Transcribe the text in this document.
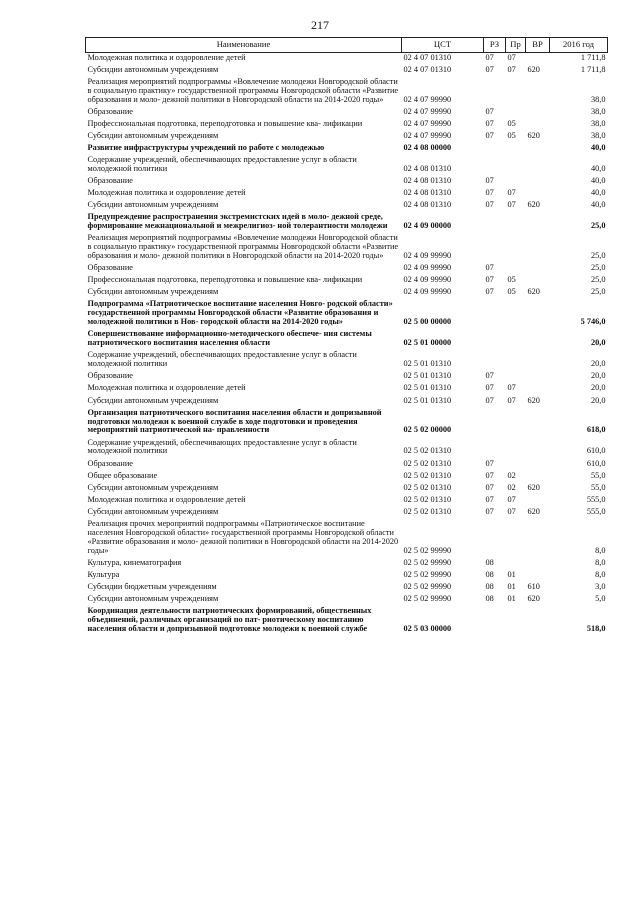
217
Наименование	ЦСТ	РЗ	Пр	ВР	2016 год
Молодежная политика и оздоровление детей	02 4 07 01310	07	07		1 711,8
Субсидии автономным учреждениям	02 4 07 01310	07	07	620	1 711,8
Реализация мероприятий подпрограммы «Вовлечение молодежи Новгородской области в социальную практику» государственной программы Новгородской области «Развитие образования и моло- дежной политики в Новгородской области на 2014-2020 годы»	02 4 07 99990				38,0
Образование	02 4 07 99990	07			38,0
Профессиональная подготовка, переподготовка и повышение ква- лификации	02 4 07 99990	07	05		38,0
Субсидии автономным учреждениям	02 4 07 99990	07	05	620	38,0
Развитие инфраструктуры учреждений по работе с молодежью	02 4 08 00000				40,0
Содержание учреждений, обеспечивающих предоставление услуг в области молодежной политики	02 4 08 01310				40,0
Образование	02 4 08 01310	07			40,0
Молодежная политика и оздоровление детей	02 4 08 01310	07	07		40,0
Субсидии автономным учреждениям	02 4 08 01310	07	07	620	40,0
Предупреждение распространения экстремистских идей в моло- дежной среде, формирование межнациональной и межрелигиоз- ной толерантности молодежи	02 4 09 00000				25,0
Реализация мероприятий подпрограммы «Вовлечение молодежи Новгородской области в социальную практику» государственной программы Новгородской области «Развитие образования и моло- дежной политики в Новгородской области на 2014-2020 годы»	02 4 09 99990				25,0
Образование	02 4 09 99990	07			25,0
Профессиональная подготовка, переподготовка и повышение ква- лификации	02 4 09 99990	07	05		25,0
Субсидии автономным учреждениям	02 4 09 99990	07	05	620	25,0
Подпрограмма «Патриотическое воспитание населения Новго- родской области» государственной программы Новгородской области «Развитие образования и молодежной политики в Нов- городской области на 2014-2020 годы»	02 5 00 00000				5 746,0
Совершенствование информационно-методического обеспече- ния системы патриотического воспитания населения области	02 5 01 00000				20,0
Содержание учреждений, обеспечивающих предоставление услуг в области молодежной политики	02 5 01 01310				20,0
Образование	02 5 01 01310	07			20,0
Молодежная политика и оздоровление детей	02 5 01 01310	07	07		20,0
Субсидии автономным учреждениям	02 5 01 01310	07	07	620	20,0
Организация патриотического воспитания населения области и допризывной подготовки молодежи к военной службе в ходе подготовки и проведения мероприятий патриотической на- правленности	02 5 02 00000				618,0
Содержание учреждений, обеспечивающих предоставление услуг в области молодежной политики	02 5 02 01310				610,0
Образование	02 5 02 01310	07			610,0
Общее образование	02 5 02 01310	07	02		55,0
Субсидии автономным учреждениям	02 5 02 01310	07	02	620	55,0
Молодежная политика и оздоровление детей	02 5 02 01310	07	07		555,0
Субсидии автономным учреждениям	02 5 02 01310	07	07	620	555,0
Реализация прочих мероприятий подпрограммы «Патриотическое воспитание населения Новгородской области» государственной программы Новгородской области «Развитие образования и моло- дежной политики в Новгородской области на 2014-2020 годы»	02 5 02 99990				8,0
Культура, кинематография	02 5 02 99990	08			8,0
Культура	02 5 02 99990	08	01		8,0
Субсидии бюджетным учреждениям	02 5 02 99990	08	01	610	3,0
Субсидии автономным учреждениям	02 5 02 99990	08	01	620	5,0
Координация деятельности патриотических формирований, общественных объединений, различных организаций по пат- риотическому воспитанию населения области и допризывной подготовке молодежи к военной службе	02 5 03 00000				518,0
